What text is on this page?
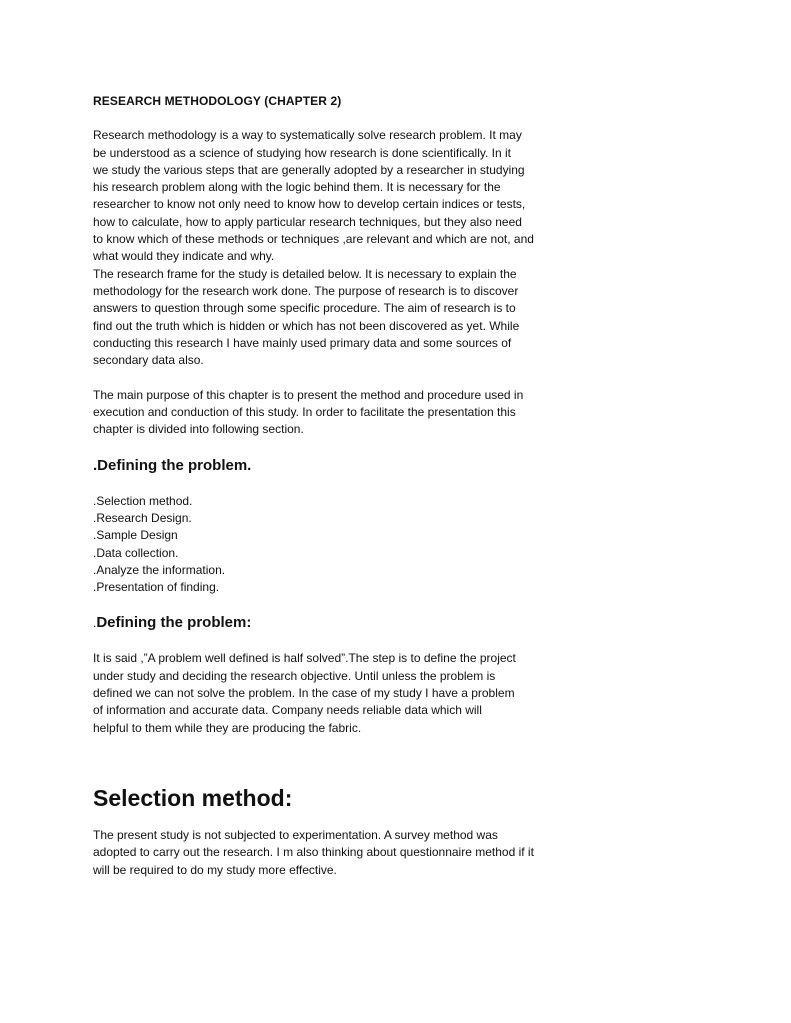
RESEARCH METHODOLOGY (CHAPTER 2)

Research methodology is a way to systematically solve research problem. It may
be understood as a science of studying how research is done scientifically. In it
we study the various steps that are generally adopted by a researcher in studying
his research problem along with the logic behind them. It is necessary for the
researcher to know not only need to know how to develop certain indices or tests,
how to calculate, how to apply particular research techniques, but they also need
to know which of these methods or techniques ,are relevant and which are not, and
what would they indicate and why.
The research frame for the study is detailed below. It is necessary to explain the
methodology for the research work done. The purpose of research is to discover
answers to question through some specific procedure. The aim of research is to
find out the truth which is hidden or which has not been discovered as yet. While
conducting this research I have mainly used primary data and some sources of
secondary data also.

The main purpose of this chapter is to present the method and procedure used in
execution and conduction of this study. In order to facilitate the presentation this
chapter is divided into following section.

.Defining the problem.
.Selection method.
.Research Design.
.Sample Design
.Data collection.
.Analyze the information.
.Presentation of finding.
.Defining the problem:

It is said ,”A problem well defined is half solved”.The step is to define the project
under study and deciding the research objective. Until unless the problem is
defined we can not solve the problem. In the case of my study I have a problem
of information and accurate data. Company needs reliable data which will
helpful to them while they are producing the fabric.

Selection method:

The present study is not subjected to experimentation. A survey method was
adopted to carry out the research. I m also thinking about questionnaire method if it
will be required to do my study more effective.
